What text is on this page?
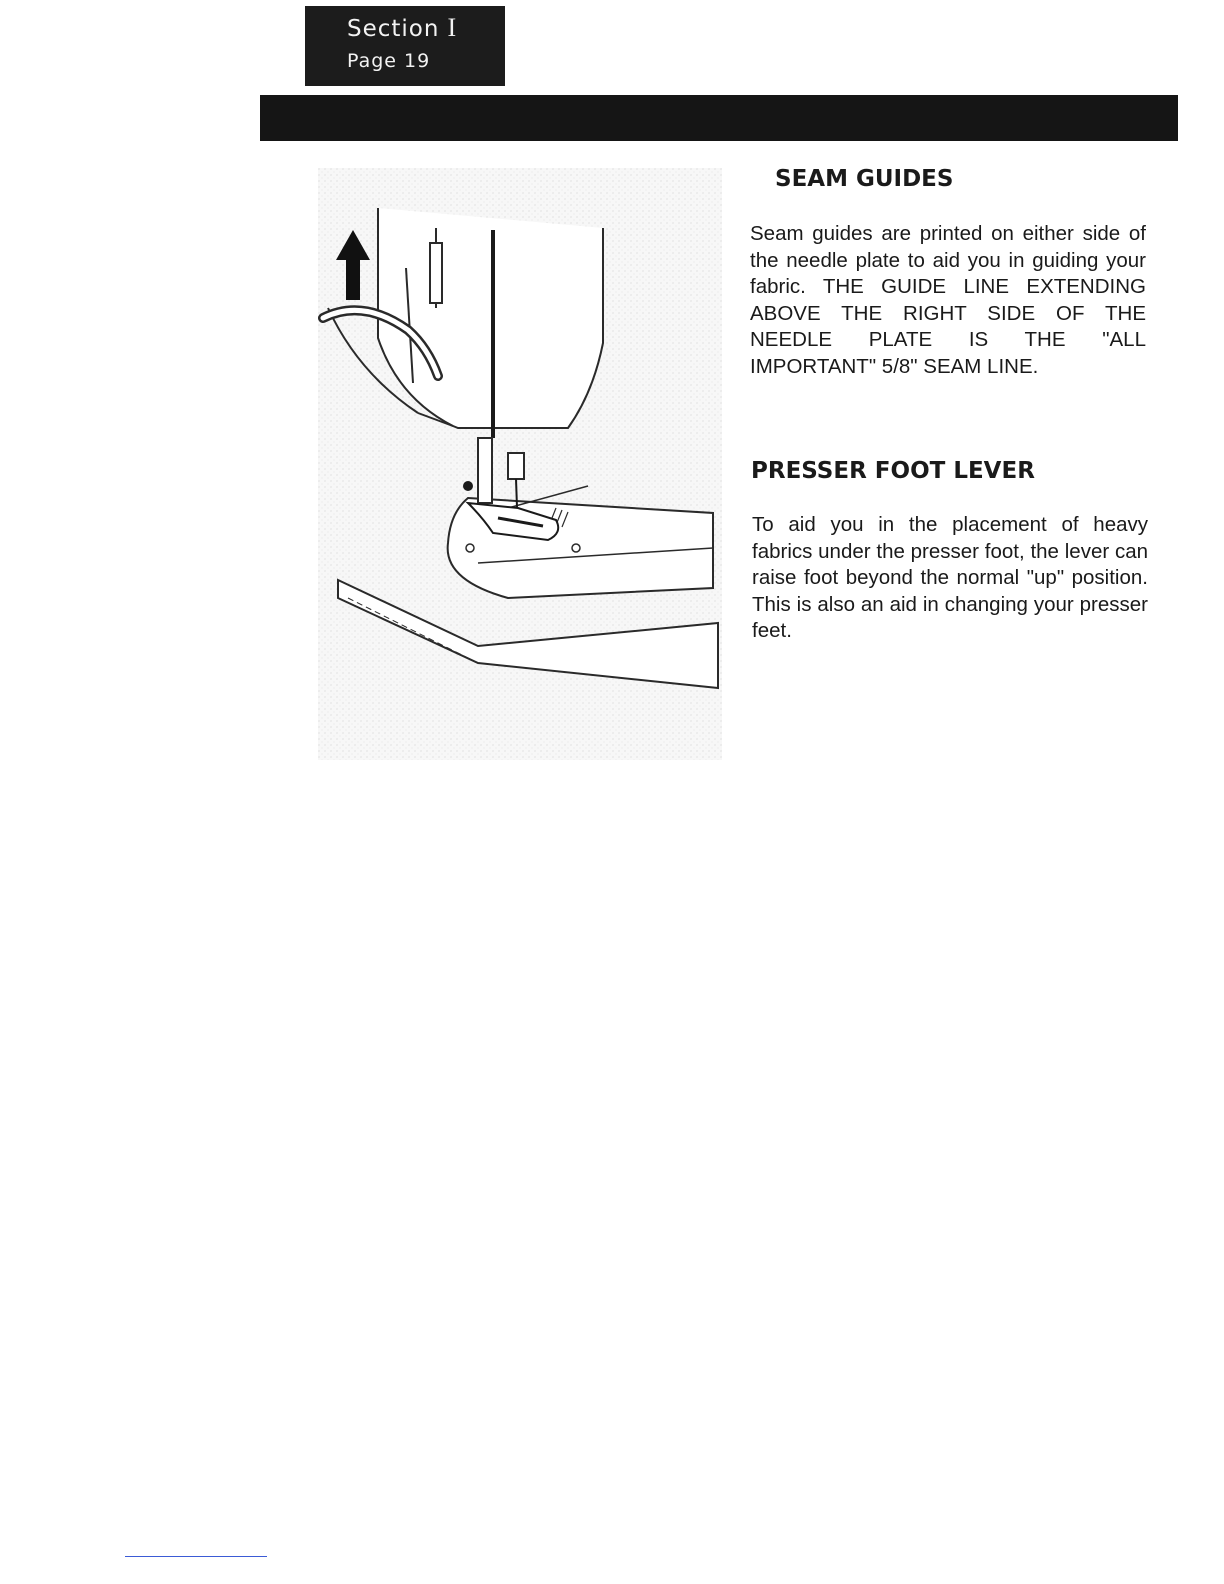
Section I
Page 19
SEAM GUIDES

Seam guides are printed on either side of the needle plate to aid you in guiding your fabric. THE GUIDE LINE EXTENDING ABOVE THE RIGHT SIDE OF THE NEEDLE PLATE IS THE "ALL IMPORTANT" 5/8" SEAM LINE.

PRESSER FOOT LEVER

To aid you in the placement of heavy fabrics under the presser foot, the lever can raise foot beyond the normal "up" position. This is also an aid in changing your presser feet.
